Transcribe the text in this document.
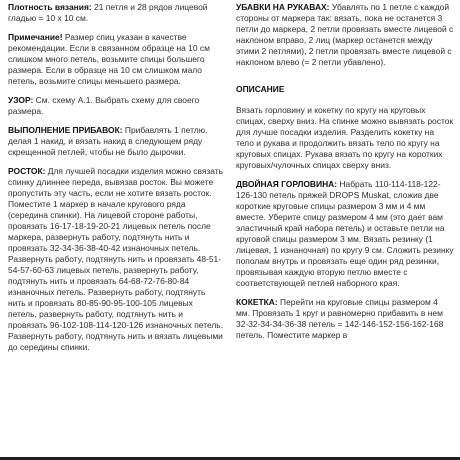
Плотность вязания: 21 петля и 28 рядов лицевой гладью = 10 x 10 см.

Примечание! Размер спиц указан в качестве рекомендации. Если в связанном образце на 10 см слишком много петель, возьмите спицы большего размера. Если в образце на 10 см слишком мало петель, возьмите спицы меньшего размера.

УЗОР: См. схему A.1. Выбрать схему для своего размера.

ВЫПОЛНЕНИЕ ПРИБАВОК: Прибавлять 1 петлю, делая 1 накид, и вязать накид в следующем ряду скрещенной петлей, чтобы не было дырочки.

РОСТОК: Для лучшей посадки изделия можно связать спинку длиннее переда, вывязав росток. Вы можете пропустить эту часть, если не хотите вязать росток. Поместите 1 маркер в начале кругового ряда (середина спинки). На лицевой стороне работы, провязать 16-17-18-19-20-21 лицевых петель после маркера, развернуть работу, подтянуть нить и провязать 32-34-36-38-40-42 изнаночных петель. Развернуть работу, подтянуть нить и провязать 48-51-54-57-60-63 лицевых петель, развернуть работу, подтянуть нить и провязать 64-68-72-76-80-84 изнаночных петель. Развернуть работу, подтянуть нить и провязать 80-85-90-95-100-105 лицевых петель, развернуть работу, подтянуть нить и провязать 96-102-108-114-120-126 изнаночных петель. Развернуть работу, подтянуть нить и вязать лицевыми до середины спинки.

УБАВКИ НА РУКАВАХ: Убавлять по 1 петле с каждой стороны от маркера так: вязать, пока не останется 3 петли до маркера, 2 петли провязать вместе лицевой с наклоном вправо, 2 лиц (маркер останется между этими 2 петлями), 2 петли провязать вместе лицевой с наклоном влево (= 2 петли убавлено).

ОПИСАНИЕ

Вязать горловину и кокетку по кругу на круговых спицах, сверху вниз. На спинке можно вывязать росток для лучше посадки изделия. Разделить кокетку на тело и рукава и продолжить вязать тело по кругу на круговых спицах. Рукава вязать по кругу на коротких круговых/чулочных спицах сверху вниз.

ДВОЙНАЯ ГОРЛОВИНА: Набрать 110-114-118-122-126-130 петель пряжей DROPS Muskat, сложив две короткие круговые спицы размером 3 мм и 4 мм вместе. Уберите спицу размером 4 мм (это дает вам эластичный край набора петель) и оставьте петли на круговой спицы размером 3 мм. Вязать резинку (1 лицевая, 1 изнаночная) по кругу 9 см. Сложить резинку пополам внутрь и провязать еще один ряд резинки, провязывая каждую вторую петлю вместе с соответствующей петлей наборного края.

КОКЕТКА: Перейти на круговые спицы размером 4 мм. Провязать 1 круг и равномерно прибавить в нем 32-32-34-34-36-38 петель = 142-146-152-156-162-168 петель. Поместите маркер в
